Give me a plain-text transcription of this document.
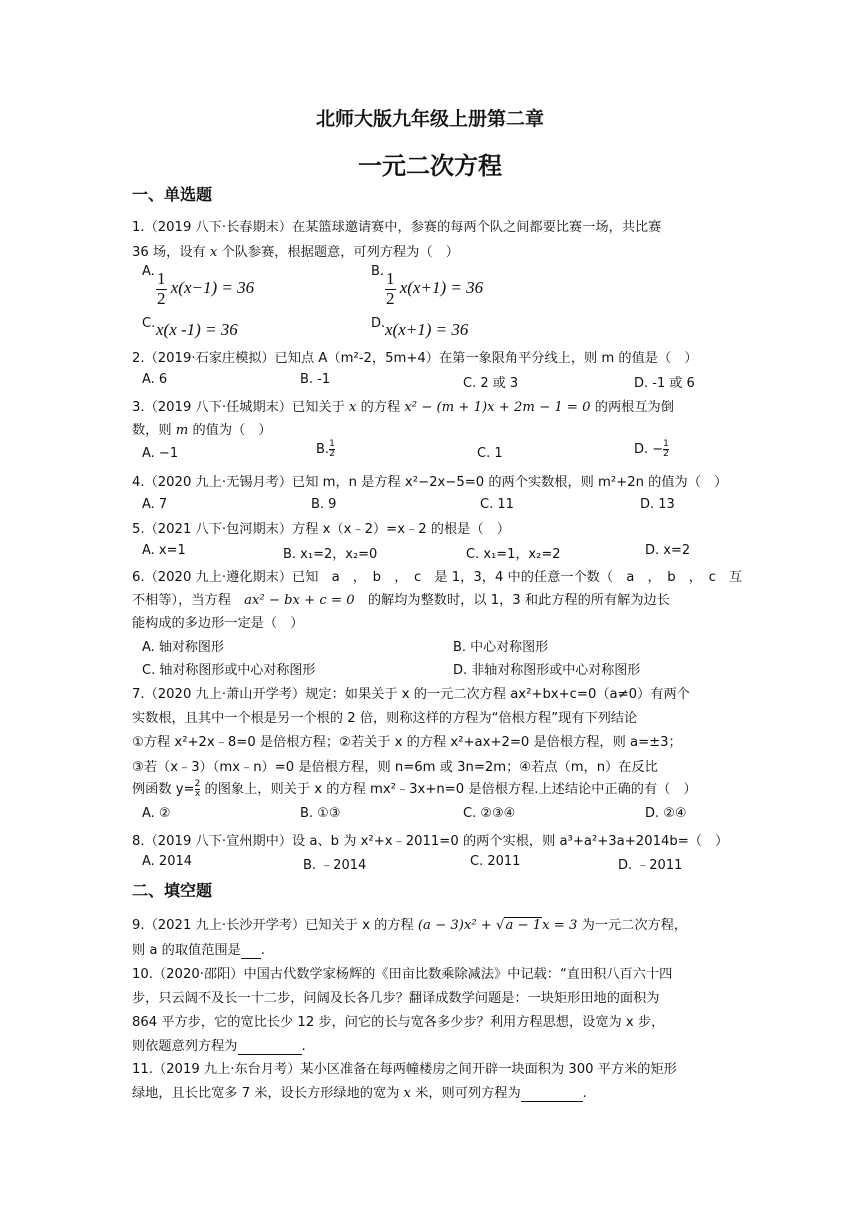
北师大版九年级上册第二章
一元二次方程
一、单选题
1.（2019 八下·长春期末）在某篮球邀请赛中，参赛的每两个队之间都要比赛一场，共比赛
36 场，设有 x 个队参赛，根据题意，可列方程为（　）
A. $\frac{1}{2} x(x-1) = 36$
B. $\frac{1}{2} x(x+1) = 36$
C. x(x -1) = 36	D. x(x+1) = 36
2.（2019·石家庄模拟）已知点 A（m²-2，5m+4）在第一象限角平分线上，则 m 的值是（　）
A. 6	B. -1	C. 2 或 3	D. -1 或 6
3.（2019 八下·任城期末）已知关于 x 的方程 x² − (m + 1)x + 2m − 1 = 0 的两根互为倒
数，则 m 的值为（　）
A. −1	B. $\frac{1}{2}$	C. 1	D. − $\frac{1}{2}$
4.（2020 九上·无锡月考）已知 m，n 是方程 x²−2x−5=0 的两个实数根，则 m²+2n 的值为（　）
A. 7	B. 9	C. 11	D. 13
5.（2021 八下·包河期末）方程 x（x﹣2）=x﹣2 的根是（　）
A. x=1	B. x₁=2，x₂=0	C. x₁=1，x₂=2	D. x=2
6.（2020 九上·遵化期末）已知　a　，　b　，　c　是 1，3，4 中的任意一个数（　a　，　b　，　c　互
不相等），当方程　ax² − bx + c = 0　的解均为整数时，以 1，3 和此方程的所有解为边长
能构成的多边形一定是（　）
A. 轴对称图形	B. 中心对称图形
C. 轴对称图形或中心对称图形	D. 非轴对称图形或中心对称图形
7.（2020 九上·萧山开学考）规定：如果关于 x 的一元二次方程 ax²+bx+c=0（a≠0）有两个
实数根，且其中一个根是另一个根的 2 倍，则称这样的方程为“倍根方程”现有下列结论
①方程 x²+2x﹣8=0 是倍根方程；②若关于 x 的方程 x²+ax+2=0 是倍根方程，则 a=±3；
③若（x﹣3）（mx﹣n）=0 是倍根方程，则 n=6m 或 3n=2m；④若点（m，n）在反比
例函数 $y= \frac{2}{x}$ 的图象上，则关于 x 的方程 mx²﹣3x+n=0 是倍根方程.上述结论中正确的有（　）
A. ②	B. ①③	C. ②③④	D. ②④
8.（2019 八下·宣州期中）设 a、b 为 x²+x﹣2011=0 的两个实根，则 a³+a²+3a+2014b=（　）
A. 2014	B. ﹣2014	C. 2011	D. ﹣2011
二、填空题
9.（2021 九上·长沙开学考）已知关于 x 的方程 (a − 3)x² + √a − 1x = 3 为一元二次方程，
则 a 的取值范围是 .
10.（2020·邵阳）中国古代数学家杨辉的《田亩比数乘除减法》中记载：“直田积八百六十四
步，只云阔不及长一十二步，问阔及长各几步？翻译成数学问题是：一块矩形田地的面积为
864 平方步，它的宽比长少 12 步，问它的长与宽各多少步？利用方程思想，设宽为 x 步，
则依题意列方程为	.
11.（2019 九上·东台月考）某小区准备在每两幢楼房之间开辟一块面积为 300 平方米的矩形
绿地，且长比宽多 7 米，设长方形绿地的宽为 x 米，则可列方程为	.
